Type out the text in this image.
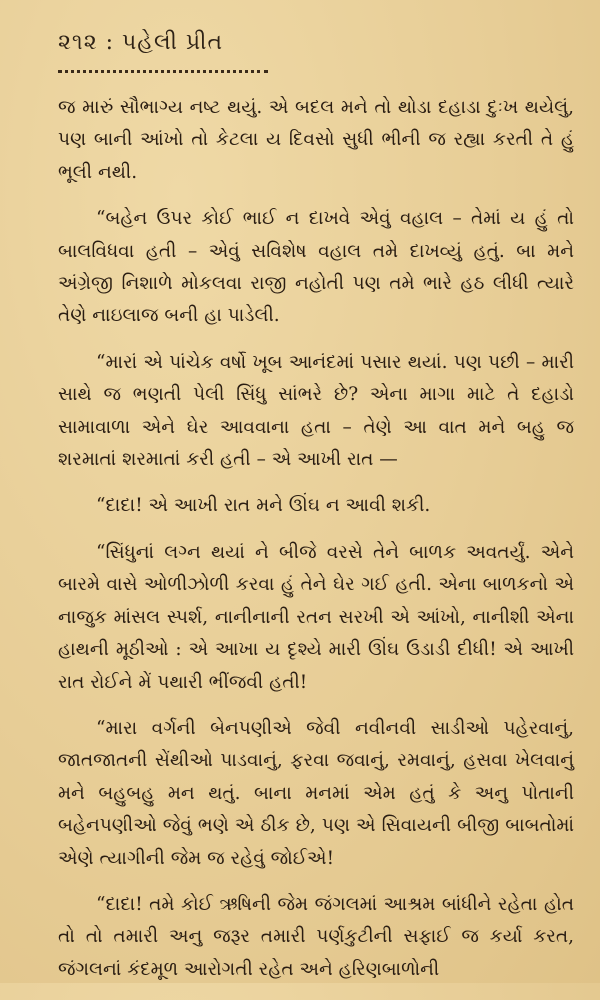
૨૧૨ : પહેલી પ્રીત

જ મારું સૌભાગ્ય નષ્ટ થયું. એ બદલ મને તો થોડા દહાડા દુઃખ થયેલું, પણ બાની આંખો તો કેટલા ય દિવસો સુધી ભીની જ રહ્યા કરતી તે હું ભૂલી નથી.

“બહેન ઉપર કોઈ ભાઈ ન દાખવે એવું વહાલ – તેમાં ય હું તો બાલવિધવા હતી – એવું સવિશેષ વહાલ તમે દાખવ્યું હતું. બા મને અંગ્રેજી નિશાળે મોકલવા રાજી નહોતી પણ તમે ભારે હઠ લીધી ત્યારે તેણે નાઇલાજ બની હા પાડેલી.

“મારાં એ પાંચેક વર્ષો ખૂબ આનંદમાં પસાર થયાં. પણ પછી – મારી સાથે જ ભણતી પેલી સિંધુ સાંભરે છે? એના માગા માટે તે દહાડો સામાવાળા એને ઘેર આવવાના હતા – તેણે આ વાત મને બહુ જ શરમાતાં શરમાતાં કરી હતી – એ આખી રાત —

“દાદા! એ આખી રાત મને ઊંઘ ન આવી શકી.

“સિંધુનાં લગ્ન થયાં ને બીજે વરસે તેને બાળક અવતર્યું. એને બારમે વાસે ઓળીઝોળી કરવા હું તેને ઘેર ગઈ હતી. એના બાળકનો એ નાજુક માંસલ સ્પર્શ, નાનીનાની રતન સરખી એ આંખો, નાનીશી એના હાથની મૂઠીઓ : એ આખા ય દૃશ્યે મારી ઊંઘ ઉડાડી દીધી! એ આખી રાત રોઈને મેં પથારી ભીંજવી હતી!

“મારા વર્ગની બેનપણીએ જેવી નવીનવી સાડીઓ પહેરવાનું, જાતજાતની સેંથીઓ પાડવાનું, ફરવા જવાનું, રમવાનું, હસવા ખેલવાનું મને બહુબહુ મન થતું. બાના મનમાં એમ હતું કે અનુ પોતાની બહેનપણીઓ જેવું ભણે એ ઠીક છે, પણ એ સિવાયની બીજી બાબતોમાં એણે ત્યાગીની જેમ જ રહેવું જોઈએ!

“દાદા! તમે કોઈ ઋષિની જેમ જંગલમાં આશ્રમ બાંધીને રહેતા હોત તો તો તમારી અનુ જરૂર તમારી પર્ણકુટીની સફાઈ જ કર્યા કરત, જંગલનાં કંદમૂળ આરોગતી રહેત અને હરિણબાળોની
